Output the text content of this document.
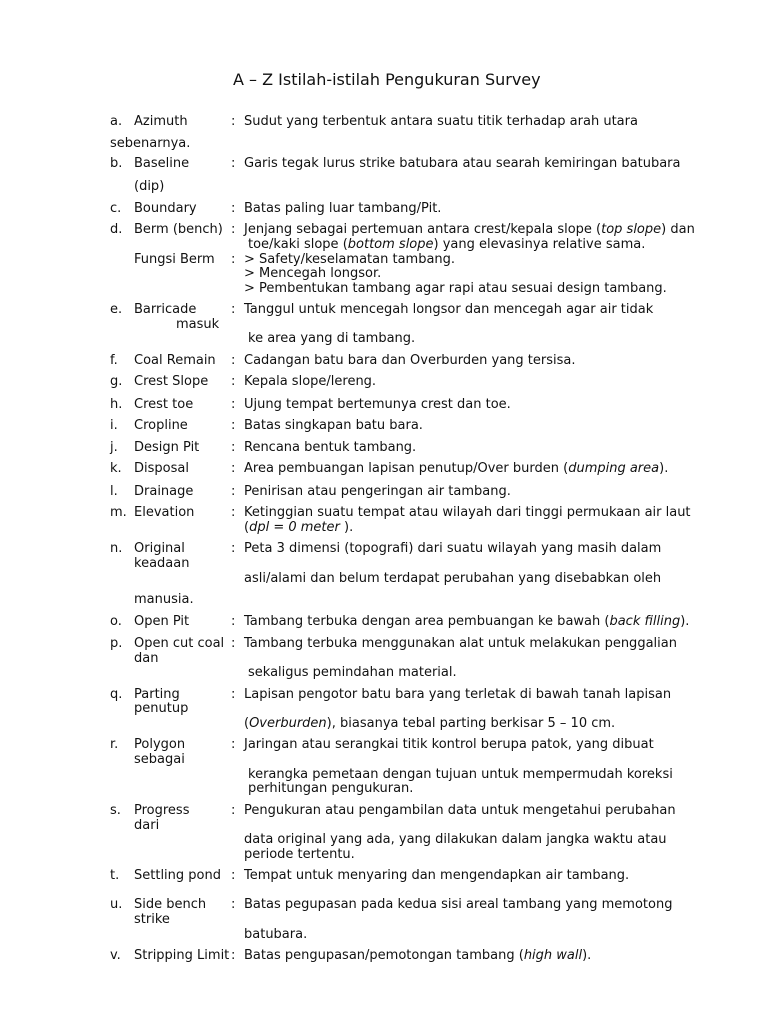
A – Z Istilah-istilah Pengukuran Survey
a. Azimuth	: Sudut yang terbentuk antara suatu titik terhadap arah utara
sebenarnya.
b. Baseline	: Garis tegak lurus strike batubara atau searah kemiringan batubara
(dip)
c. Boundary	: Batas paling luar tambang/Pit.
d. Berm (bench) : Jenjang sebagai pertemuan antara crest/kepala slope (top slope) dan
toe/kaki slope (bottom slope) yang elevasinya relative sama.
Fungsi Berm : > Safety/keselamatan tambang.
> Mencegah longsor.
> Pembentukan tambang agar rapi atau sesuai design tambang.
e. Barricade	: Tanggul untuk mencegah longsor dan mencegah agar air tidak
masuk
ke area yang di tambang.
f. Coal Remain : Cadangan batu bara dan Overburden yang tersisa.
g. Crest Slope : Kepala slope/lereng.
h. Crest toe	: Ujung tempat bertemunya crest dan toe.
i. Cropline	: Batas singkapan batu bara.
j. Design Pit : Rencana bentuk tambang.
k. Disposal	: Area pembuangan lapisan penutup/Over burden (dumping area).
l. Drainage	: Penirisan atau pengeringan air tambang.
m. Elevation	: Ketinggian suatu tempat atau wilayah dari tinggi permukaan air laut
(dpl = 0 meter ).
n. Original	: Peta 3 dimensi (topografi) dari suatu wilayah yang masih dalam
keadaan
asli/alami dan belum terdapat perubahan yang disebabkan oleh
manusia.
o. Open Pit	: Tambang terbuka dengan area pembuangan ke bawah (back filling).
p. Open cut coal : Tambang terbuka menggunakan alat untuk melakukan penggalian
dan
sekaligus pemindahan material.
q. Parting	: Lapisan pengotor batu bara yang terletak di bawah tanah lapisan
penutup
(Overburden), biasanya tebal parting berkisar 5 – 10 cm.
r. Polygon	: Jaringan atau serangkai titik kontrol berupa patok, yang dibuat
sebagai
kerangka pemetaan dengan tujuan untuk mempermudah koreksi
perhitungan pengukuran.
s. Progress	: Pengukuran atau pengambilan data untuk mengetahui perubahan
dari
data original yang ada, yang dilakukan dalam jangka waktu atau
periode tertentu.
t. Settling pond : Tempat untuk menyaring dan mengendapkan air tambang.
u. Side bench : Batas pegupasan pada kedua sisi areal tambang yang memotong
strike
batubara.
v. Stripping Limit : Batas pengupasan/pemotongan tambang (high wall).
